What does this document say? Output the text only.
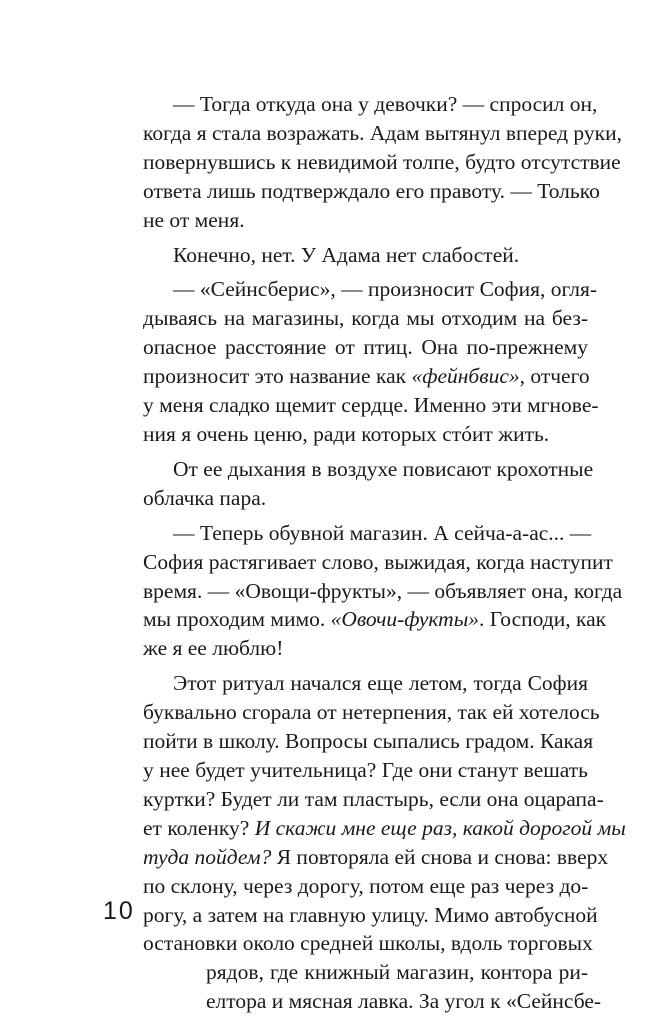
— Тогда откуда она у девочки? — спросил он,
когда я стала возражать. Адам вытянул вперед руки,
повернувшись к невидимой толпе, будто отсутствие
ответа лишь подтверждало его правоту. — Только
не от меня.
Конечно, нет. У Адама нет слабостей.
— «Сейнсберис», — произносит София, огля-
дываясь на магазины, когда мы отходим на без-
опасное расстояние от птиц. Она по-прежнему
произносит это название как «фейнбвис», отчего
у меня сладко щемит сердце. Именно эти мгнове-
ния я очень ценю, ради которых стóит жить.
От ее дыхания в воздухе повисают крохотные
облачка пара.
— Теперь обувной магазин. А сейча-а-ас... —
София растягивает слово, выжидая, когда наступит
время. — «Овощи-фрукты», — объявляет она, когда
мы проходим мимо. «Овочи-фукты». Господи, как
же я ее люблю!
Этот ритуал начался еще летом, тогда София
буквально сгорала от нетерпения, так ей хотелось
пойти в школу. Вопросы сыпались градом. Какая
у нее будет учительница? Где они станут вешать
куртки? Будет ли там пластырь, если она оцарапа-
ет коленку? И скажи мне еще раз, какой дорогой мы
туда пойдем? Я повторяла ей снова и снова: вверх
по склону, через дорогу, потом еще раз через до-
рогу, а затем на главную улицу. Мимо автобусной
остановки около средней школы, вдоль торговых
рядов, где книжный магазин, контора ри-
елтора и мясная лавка. За угол к «Сейнсбе-
10
